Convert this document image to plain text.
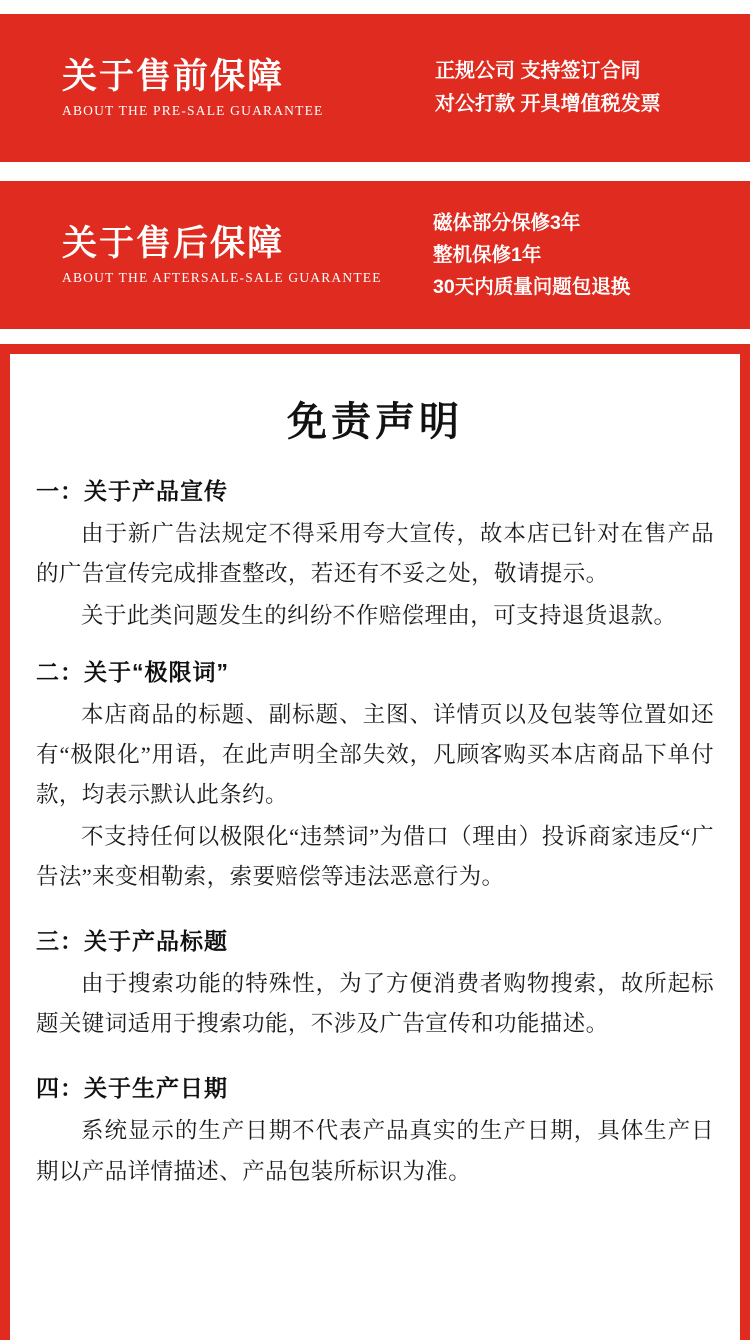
关于售前保障
ABOUT THE PRE-SALE GUARANTEE
正规公司 支持签订合同
对公打款 开具增值税发票
关于售后保障
ABOUT THE AFTERSALE-SALE GUARANTEE
磁体部分保修3年
整机保修1年
30天内质量问题包退换
免责声明
一：关于产品宣传

由于新广告法规定不得采用夸大宣传，故本店已针对在售产品的广告宣传完成排查整改，若还有不妥之处，敬请提示。

关于此类问题发生的纠纷不作赔偿理由，可支持退货退款。

二：关于“极限词”

本店商品的标题、副标题、主图、详情页以及包装等位置如还有“极限化”用语，在此声明全部失效，凡顾客购买本店商品下单付款，均表示默认此条约。

不支持任何以极限化“违禁词”为借口（理由）投诉商家违反“广告法”来变相勒索，索要赔偿等违法恶意行为。

三：关于产品标题

由于搜索功能的特殊性，为了方便消费者购物搜索，故所起标题关键词适用于搜索功能，不涉及广告宣传和功能描述。

四：关于生产日期

系统显示的生产日期不代表产品真实的生产日期，具体生产日期以产品详情描述、产品包装所标识为准。
